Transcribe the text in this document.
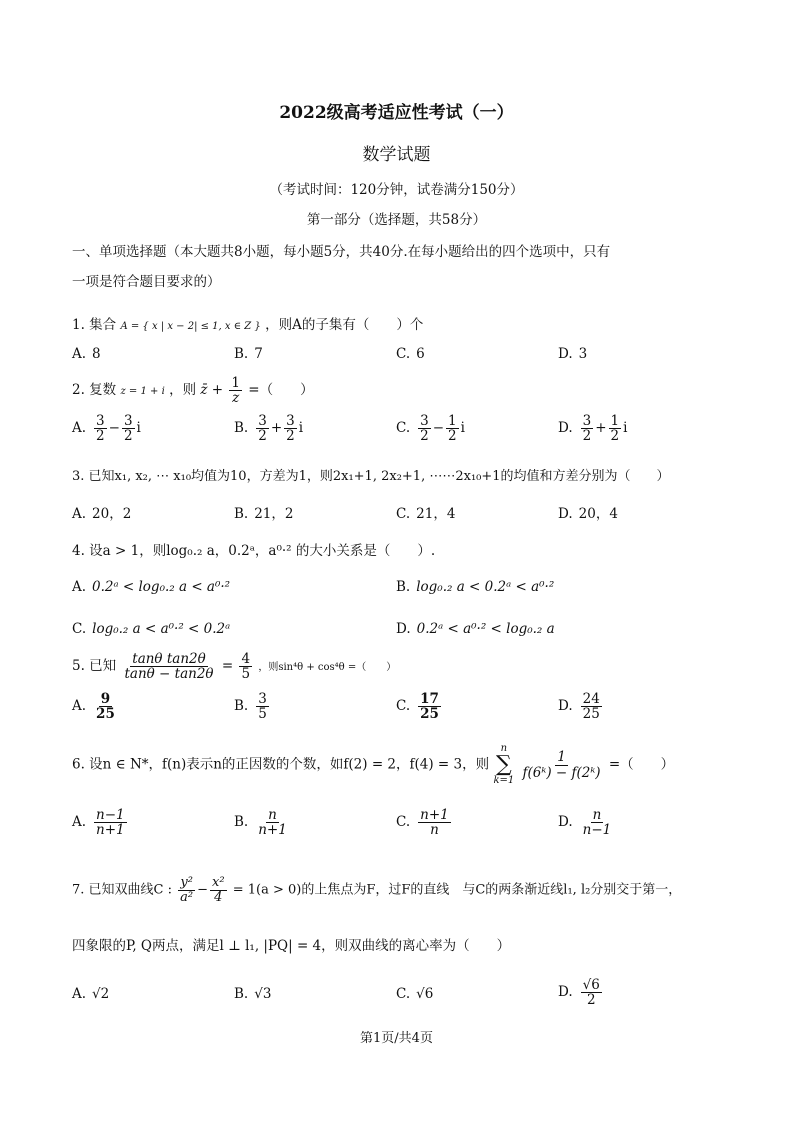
2022级高考适应性考试（一）
数学试题
（考试时间：120分钟，试卷满分150分）
第一部分（选择题，共58分）
一、单项选择题（本大题共8小题，每小题5分，共40分.在每小题给出的四个选项中，只有
一项是符合题目要求的）
1. 集合 A = { x | x − 2| ≤ 1, x ∈ Z } ，则A的子集有（　　）个
A. 8	B. 7	C. 6	D. 3
2. 复数 z = 1 + i ，则 z̄ + $\frac{1}{z}$ =（　　）
A. $\frac{3}{2} - \frac{3}{2}$ i	B. $\frac{3}{2} + \frac{3}{2}$ i	C. $\frac{3}{2} - \frac{1}{2}$ i	D. $\frac{3}{2} + \frac{1}{2}$ i
3. 已知x₁, x₂, ⋯ x₁₀均值为10，方差为1，则2x₁+1, 2x₂+1, ⋯⋯2x₁₀+1的均值和方差分别为（　　）
A. 20，2	B. 21，2	C. 21，4	D. 20，4
4. 设a > 1，则log₀.₂ a，0.2ᵃ，a⁰·² 的大小关系是（　　）.
A. 0.2ᵃ < log₀.₂ a < a⁰·²	B. log₀.₂ a < 0.2ᵃ < a⁰·²
C. log₀.₂ a < a⁰·² < 0.2ᵃ	D. 0.2ᵃ < a⁰·² < log₀.₂ a
5. 已知 $\frac{\text{tanθ tan2θ}}{\tan\theta - \tan 2\theta} = \frac{4}{5}$ ，则sin⁴θ + cos⁴θ =（　　）
A. $\frac{9}{25}$	B. $\frac{3}{5}$	C. $\frac{17}{25}$	D. $\frac{24}{25}$
6. 设n ∈ N*，f(n)表示n的正因数的个数，如f(2) = 2，f(4) = 3，则
n
∑
k=1

$\frac{1}{\text{f(6ᵏ) − f(2ᵏ)}}$ =（　　）
A. $\frac{n-1}{n+1}$	B. $\frac{n}{n+1}$	C. $\frac{n+1}{n}$	D. $\frac{n}{n-1}$
7. 已知双曲线C : $\frac{\text{y²}}{\text{a²}} - \frac{\text{x²}}{4} = 1(a > 0)$的上焦点为F，过F的直线　与C的两条渐近线l₁, l₂分别交于第一，
四象限的P, Q两点，满足l ⊥ l₁, |PQ| = 4，则双曲线的离心率为（　　）
A. √2	B. √3	C. √6	D. $\frac{√6}{2}$
第1页/共4页
